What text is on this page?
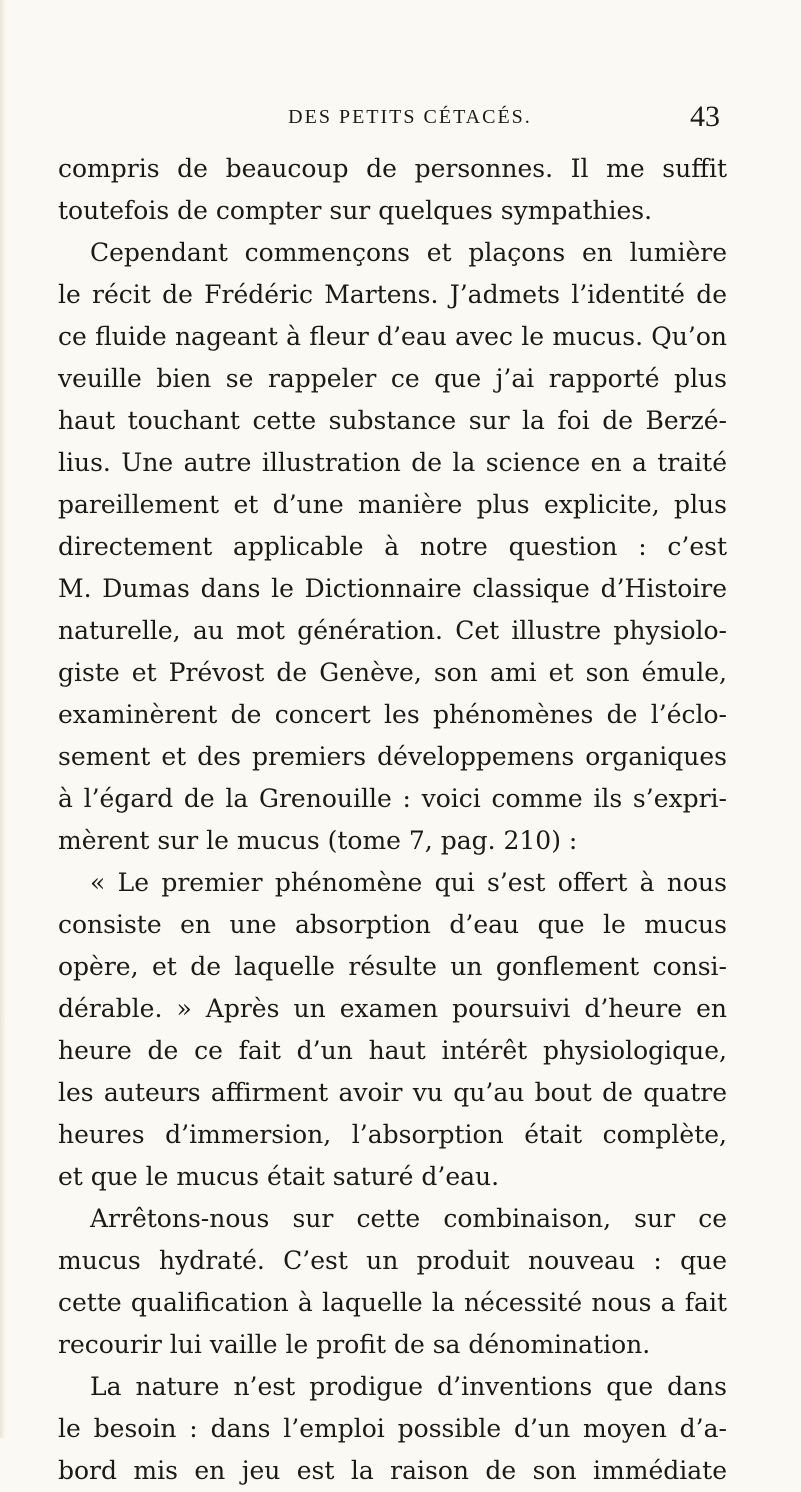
DES PETITS CÉTACÉS.	43
compris de beaucoup de personnes. Il me suffit
toutefois de compter sur quelques sympathies.
Cependant commençons et plaçons en lumière
le récit de Frédéric Martens. J’admets l’identité de
ce fluide nageant à fleur d’eau avec le mucus. Qu’on
veuille bien se rappeler ce que j’ai rapporté plus
haut touchant cette substance sur la foi de Berzé-
lius. Une autre illustration de la science en a traité
pareillement et d’une manière plus explicite, plus
directement applicable à notre question : c’est
M. Dumas dans le Dictionnaire classique d’Histoire
naturelle, au mot génération. Cet illustre physiolo-
giste et Prévost de Genève, son ami et son émule,
examinèrent de concert les phénomènes de l’éclo-
sement et des premiers développemens organiques
à l’égard de la Grenouille : voici comme ils s’expri-
mèrent sur le mucus (tome 7, pag. 210) :
« Le premier phénomène qui s’est offert à nous
consiste en une absorption d’eau que le mucus
opère, et de laquelle résulte un gonflement consi-
dérable. » Après un examen poursuivi d’heure en
heure de ce fait d’un haut intérêt physiologique,
les auteurs affirment avoir vu qu’au bout de quatre
heures d’immersion, l’absorption était complète,
et que le mucus était saturé d’eau.
Arrêtons-nous sur cette combinaison, sur ce
mucus hydraté. C’est un produit nouveau : que
cette qualification à laquelle la nécessité nous a fait
recourir lui vaille le profit de sa dénomination.
La nature n’est prodigue d’inventions que dans
le besoin : dans l’emploi possible d’un moyen d’a-
bord mis en jeu est la raison de son immédiate
